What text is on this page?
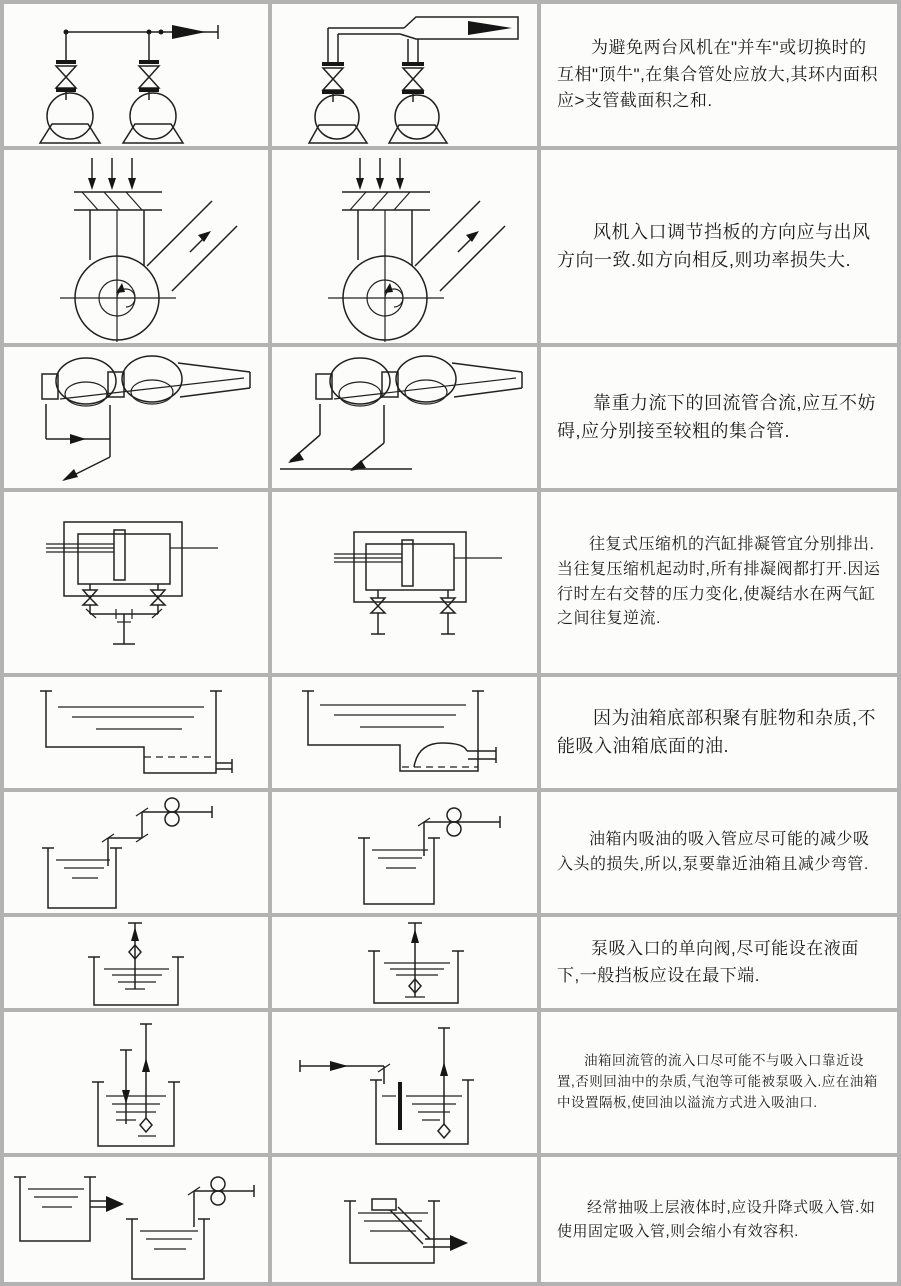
为避免两台风机在"并车"或切换时的互相"顶牛",在集合管处应放大,其环内面积应>支管截面积之和.

风机入口调节挡板的方向应与出风方向一致.如方向相反,则功率损失大.

靠重力流下的回流管合流,应互不妨碍,应分别接至较粗的集合管.

往复式压缩机的汽缸排凝管宜分别排出.当往复压缩机起动时,所有排凝阀都打开.因运行时左右交替的压力变化,使凝结水在两气缸之间往复逆流.

因为油箱底部积聚有脏物和杂质,不能吸入油箱底面的油.

油箱内吸油的吸入管应尽可能的减少吸入头的损失,所以,泵要靠近油箱且减少弯管.

泵吸入口的单向阀,尽可能设在液面下,一般挡板应设在最下端.

油箱回流管的流入口尽可能不与吸入口靠近设置,否则回油中的杂质,气泡等可能被泵吸入.应在油箱中设置隔板,使回油以溢流方式进入吸油口.

经常抽吸上层液体时,应设升降式吸入管.如使用固定吸入管,则会缩小有效容积.
